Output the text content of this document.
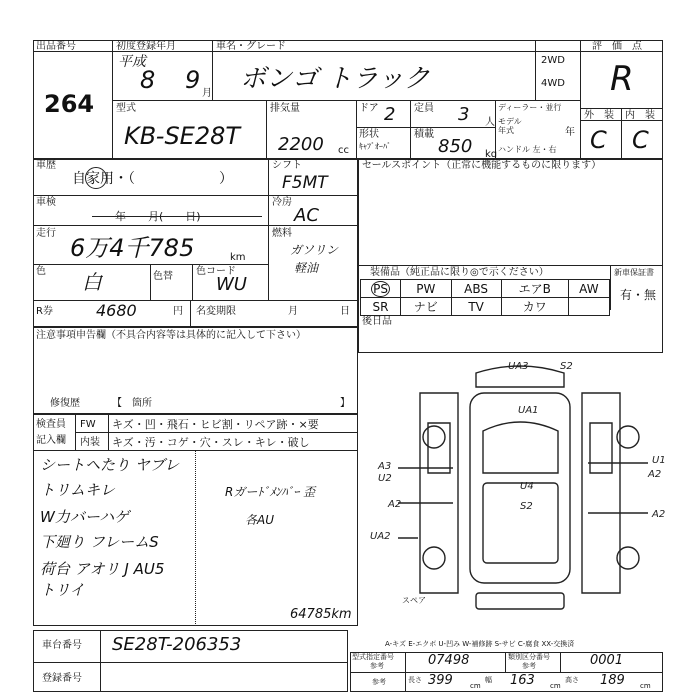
出品番号
264
初度登録年月
平成
8 9 月
車名・グレード
ボンゴ トラック
2WD
4WD
評　価　点
R
型式
KB-SE28T
排気量
2200 cc
ドア 2 定員 3 人
形状
ｷｬﾌﾞｵｰﾊﾞ
積載
850 kg
ディーラー・並行
モデル年式	年
ハンドル 左・右
外　装 内　装
C C
車歴
自家用・（　　　　　　）
シフト
F5MT
車検
年　　月(　　日)
冷房
AC
走行
6万4千785	km
燃料
ガソリン
軽油
色 白	色替 色コード
WU
R券	4680	円 名変期限	月	日
セールスポイント（正常に機能するものに限ります）
装備品（純正品に限り◎で示ください）	新車保証書
有・無
PS	PW	ABS	エアB	AW
SR	ナビ	TV	カワ	
後日品
注意事項申告欄（不具合内容等は具体的に記入して下さい）
修復歴	【　箇所	】
検査員
記入欄
FW
内装
キズ・凹・飛石・ヒビ割・リペア跡・×要
キズ・汚・コゲ・穴・スレ・キレ・破し
シートヘたり ヤブレ
トリムキレ
W力バーハゲ
下廻り フレームS
荷台 アオリ J AU5
トリイ
Rガーﾄﾞﾒﾝﾊﾞｰ 歪
各AU
64785km
UA3	S2
UA1
A3
U2
A2
UA2
U4
S2
U1
A2
A2
スペア
A-キズ E-エクボ U-凹み W-補修跡 S-サビ C-腐食 XX-交換済
車台番号 SE28T-206353
登録番号
型式指定番号
参考	07498	類別区分番号
参考	0001
参考	長さ 399 cm
幅 163 cm
高さ 189 cm
